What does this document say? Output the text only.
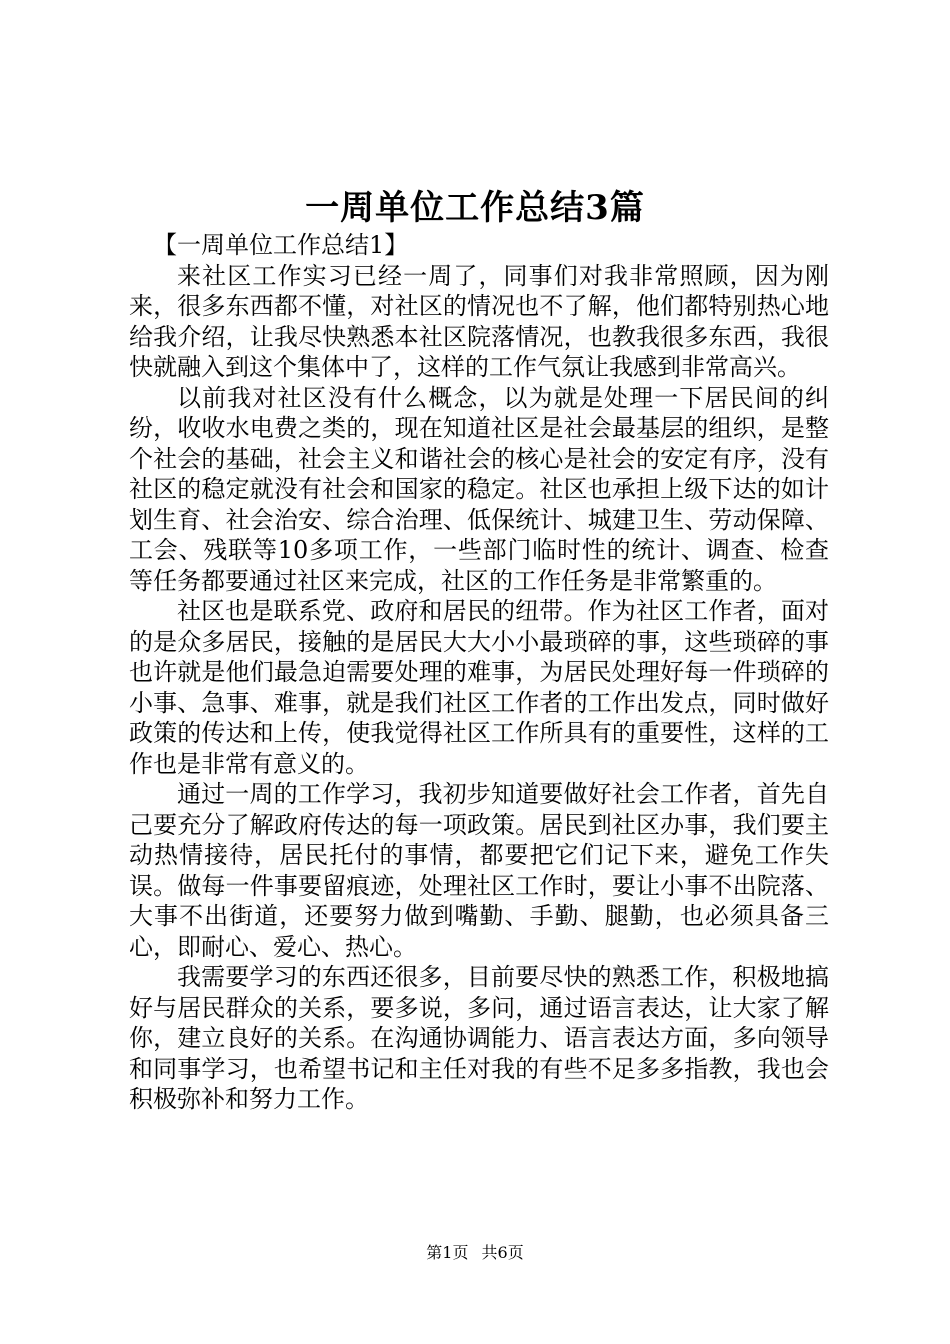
一周单位工作总结3篇

【一周单位工作总结1】

来社区工作实习已经一周了，同事们对我非常照顾，因为刚来，很多东西都不懂，对社区的情况也不了解，他们都特别热心地给我介绍，让我尽快熟悉本社区院落情况，也教我很多东西，我很快就融入到这个集体中了，这样的工作气氛让我感到非常高兴。

以前我对社区没有什么概念，以为就是处理一下居民间的纠纷，收收水电费之类的，现在知道社区是社会最基层的组织，是整个社会的基础，社会主义和谐社会的核心是社会的安定有序，没有社区的稳定就没有社会和国家的稳定。社区也承担上级下达的如计划生育、社会治安、综合治理、低保统计、城建卫生、劳动保障、工会、残联等10多项工作，一些部门临时性的统计、调查、检查等任务都要通过社区来完成，社区的工作任务是非常繁重的。

社区也是联系党、政府和居民的纽带。作为社区工作者，面对的是众多居民，接触的是居民大大小小最琐碎的事，这些琐碎的事也许就是他们最急迫需要处理的难事，为居民处理好每一件琐碎的小事、急事、难事，就是我们社区工作者的工作出发点，同时做好政策的传达和上传，使我觉得社区工作所具有的重要性，这样的工作也是非常有意义的。

通过一周的工作学习，我初步知道要做好社会工作者，首先自己要充分了解政府传达的每一项政策。居民到社区办事，我们要主动热情接待，居民托付的事情，都要把它们记下来，避免工作失误。做每一件事要留痕迹，处理社区工作时，要让小事不出院落、大事不出街道，还要努力做到嘴勤、手勤、腿勤，也必须具备三心，即耐心、爱心、热心。

我需要学习的东西还很多，目前要尽快的熟悉工作，积极地搞好与居民群众的关系，要多说，多问，通过语言表达，让大家了解你，建立良好的关系。在沟通协调能力、语言表达方面，多向领导和同事学习，也希望书记和主任对我的有些不足多多指教，我也会积极弥补和努力工作。

第1页 共6页
